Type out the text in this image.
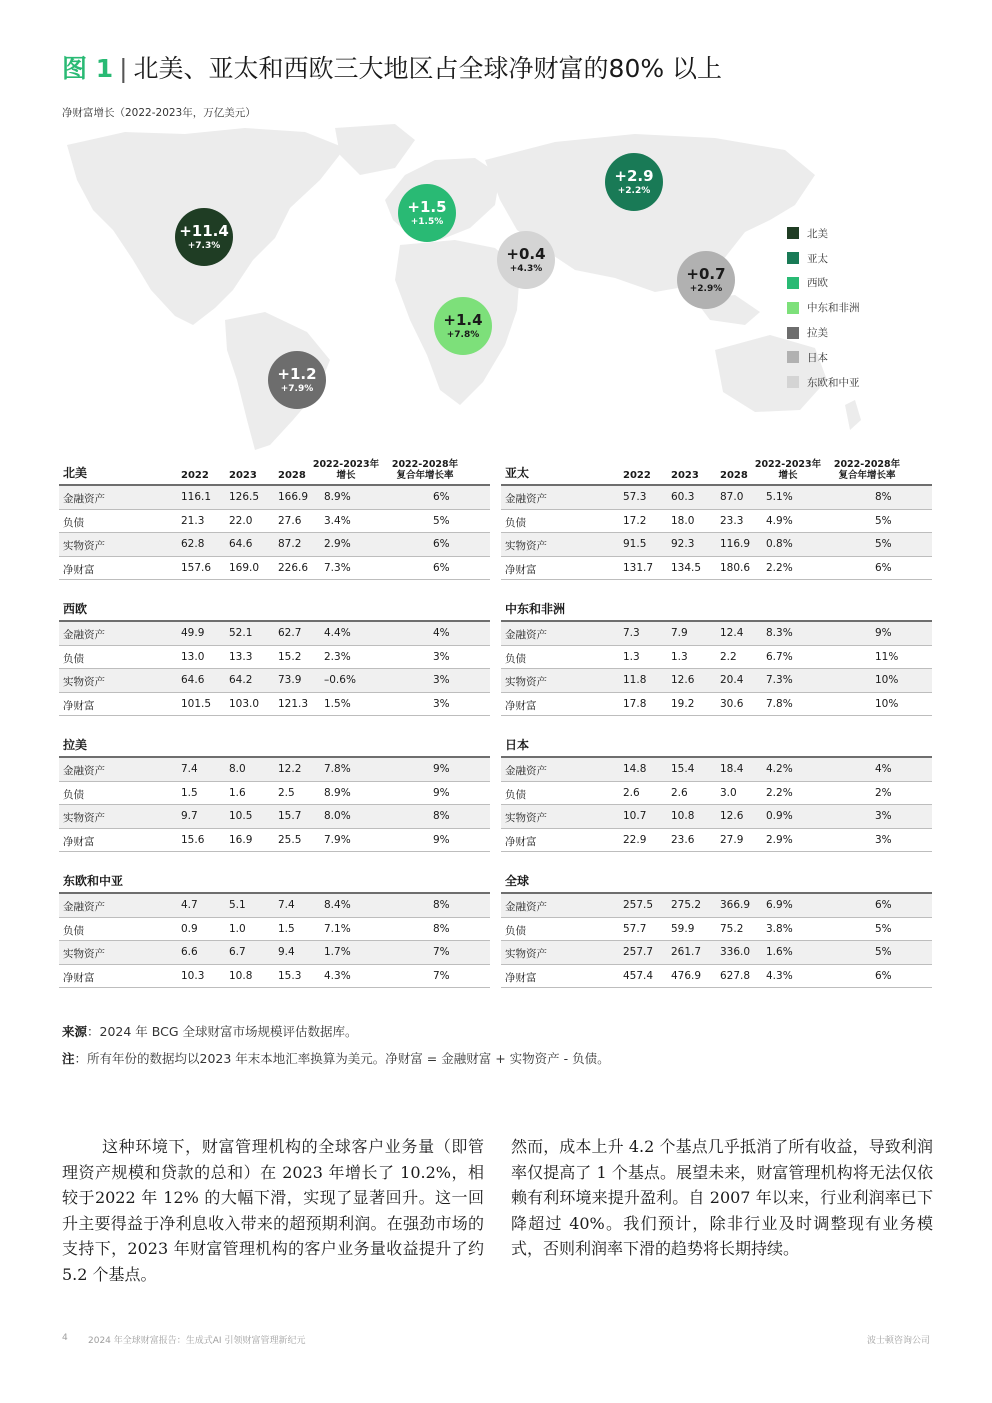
图 1 | 北美、亚太和西欧三大地区占全球净财富的80% 以上
净财富增长（2022-2023年，万亿美元）
+11.4
+7.3%
+1.5
+1.5%
+2.9
+2.2%
+0.4
+4.3%	+0.7
+2.9%
+1.4
+7.8%
+1.2
+7.9%
北美
亚太
西欧
中东和非洲
拉美
日本
东欧和中亚
北美	2022 2023 2028
2022-2023年
增长
2022-2028年
复合年增长率
金融资产	116.1 126.5 166.9 8.9%	6%
负债	21.3 22.0 27.6 3.4%	5%
实物资产	62.8 64.6 87.2 2.9%	6%
净财富	157.6 169.0 226.6 7.3%	6%
亚太	2022 2023 2028
2022-2023年
增长
2022-2028年
复合年增长率
金融资产	57.3 60.3 87.0 5.1%	8%
负债	17.2 18.0 23.3 4.9%	5%
实物资产	91.5 92.3 116.9 0.8%	5%
净财富	131.7 134.5 180.6 2.2%	6%
西欧
金融资产	49.9 52.1 62.7 4.4%	4%
负债	13.0 13.3 15.2 2.3%	3%
实物资产	64.6 64.2 73.9 –0.6%	3%
净财富	101.5 103.0 121.3 1.5%	3%
中东和非洲
金融资产	7.3	7.9	12.4 8.3%	9%
负债	1.3	1.3	2.2	6.7%	11%
实物资产	11.8 12.6 20.4 7.3%	10%
净财富	17.8 19.2 30.6 7.8%	10%
拉美
金融资产	7.4	8.0	12.2 7.8%	9%
负债	1.5	1.6	2.5	8.9%	9%
实物资产	9.7	10.5 15.7 8.0%	8%
净财富	15.6 16.9 25.5 7.9%	9%
日本
金融资产	14.8 15.4 18.4 4.2%	4%
负债	2.6	2.6	3.0	2.2%	2%
实物资产	10.7 10.8 12.6 0.9%	3%
净财富	22.9 23.6 27.9 2.9%	3%
东欧和中亚
金融资产	4.7	5.1	7.4	8.4%	8%
负债	0.9	1.0	1.5	7.1%	8%
实物资产	6.6	6.7	9.4	1.7%	7%
净财富	10.3 10.8 15.3 4.3%	7%
全球
金融资产	257.5 275.2 366.9 6.9%	6%
负债	57.7 59.9 75.2 3.8%	5%
实物资产	257.7 261.7 336.0 1.6%	5%
净财富	457.4 476.9 627.8 4.3%	6%
来源：2024 年 BCG 全球财富市场规模评估数据库。
注：所有年份的数据均以2023 年末本地汇率换算为美元。净财富 = 金融财富 + 实物资产 - 负债。
这种环境下，财富管理机构的全球客户业务量（即管理资产规模和贷款的总和）在 2023 年增长了 10.2%，相较于2022 年 12% 的大幅下滑，实现了显著回升。这一回升主要得益于净利息收入带来的超预期利润。在强劲市场的支持下，2023 年财富管理机构的客户业务量收益提升了约 5.2 个基点。
然而，成本上升 4.2 个基点几乎抵消了所有收益，导致利润率仅提高了 1 个基点。展望未来，财富管理机构将无法仅依赖有利环境来提升盈利。自 2007 年以来，行业利润率已下降超过 40%。我们预计，除非行业及时调整现有业务模式，否则利润率下滑的趋势将长期持续。
4 2024 年全球财富报告：生成式AI 引领财富管理新纪元	波士顿咨询公司
